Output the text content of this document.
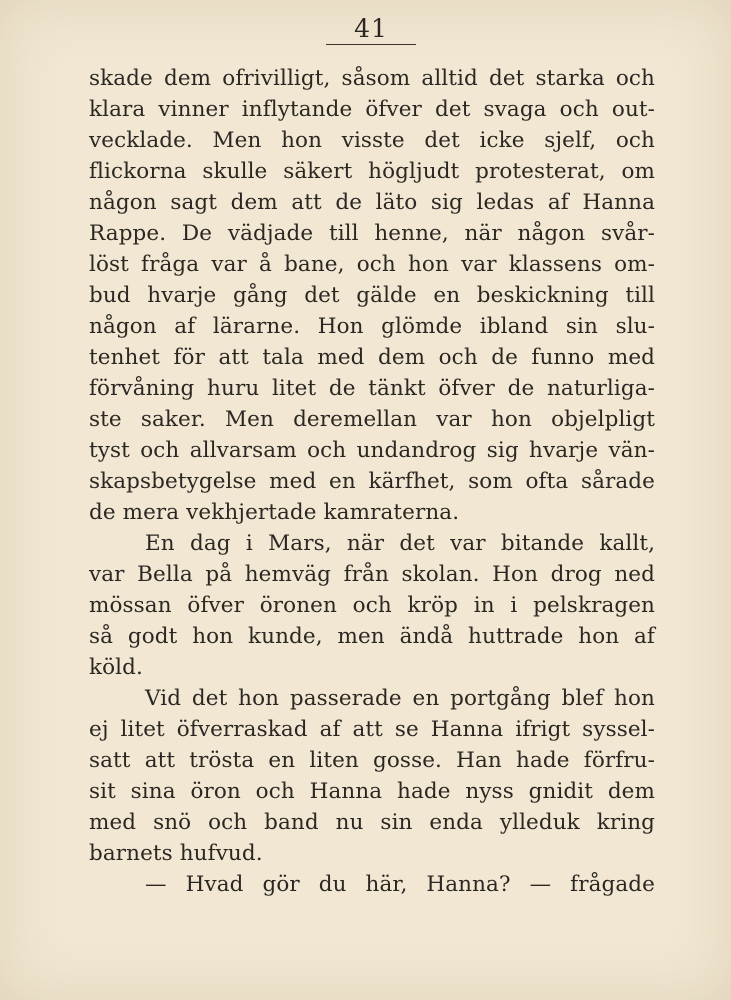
41
skade dem ofrivilligt, såsom alltid det starka och
klara vinner inflytande öfver det svaga och out-
vecklade. Men hon visste det icke sjelf, och
flickorna skulle säkert högljudt protesterat, om
någon sagt dem att de läto sig ledas af Hanna
Rappe. De vädjade till henne, när någon svår-
löst fråga var å bane, och hon var klassens om-
bud hvarje gång det gälde en beskickning till
någon af lärarne. Hon glömde ibland sin slu-
tenhet för att tala med dem och de funno med
förvåning huru litet de tänkt öfver de naturliga-
ste saker. Men deremellan var hon objelpligt
tyst och allvarsam och undandrog sig hvarje vän-
skapsbetygelse med en kärfhet, som ofta sårade
de mera vekhjertade kamraterna.
En dag i Mars, när det var bitande kallt,
var Bella på hemväg från skolan. Hon drog ned
mössan öfver öronen och kröp in i pelskragen
så godt hon kunde, men ändå huttrade hon af
köld.
Vid det hon passerade en portgång blef hon
ej litet öfverraskad af att se Hanna ifrigt syssel-
satt att trösta en liten gosse. Han hade förfru-
sit sina öron och Hanna hade nyss gnidit dem
med snö och band nu sin enda ylleduk kring
barnets hufvud.
— Hvad gör du här, Hanna? — frågade
